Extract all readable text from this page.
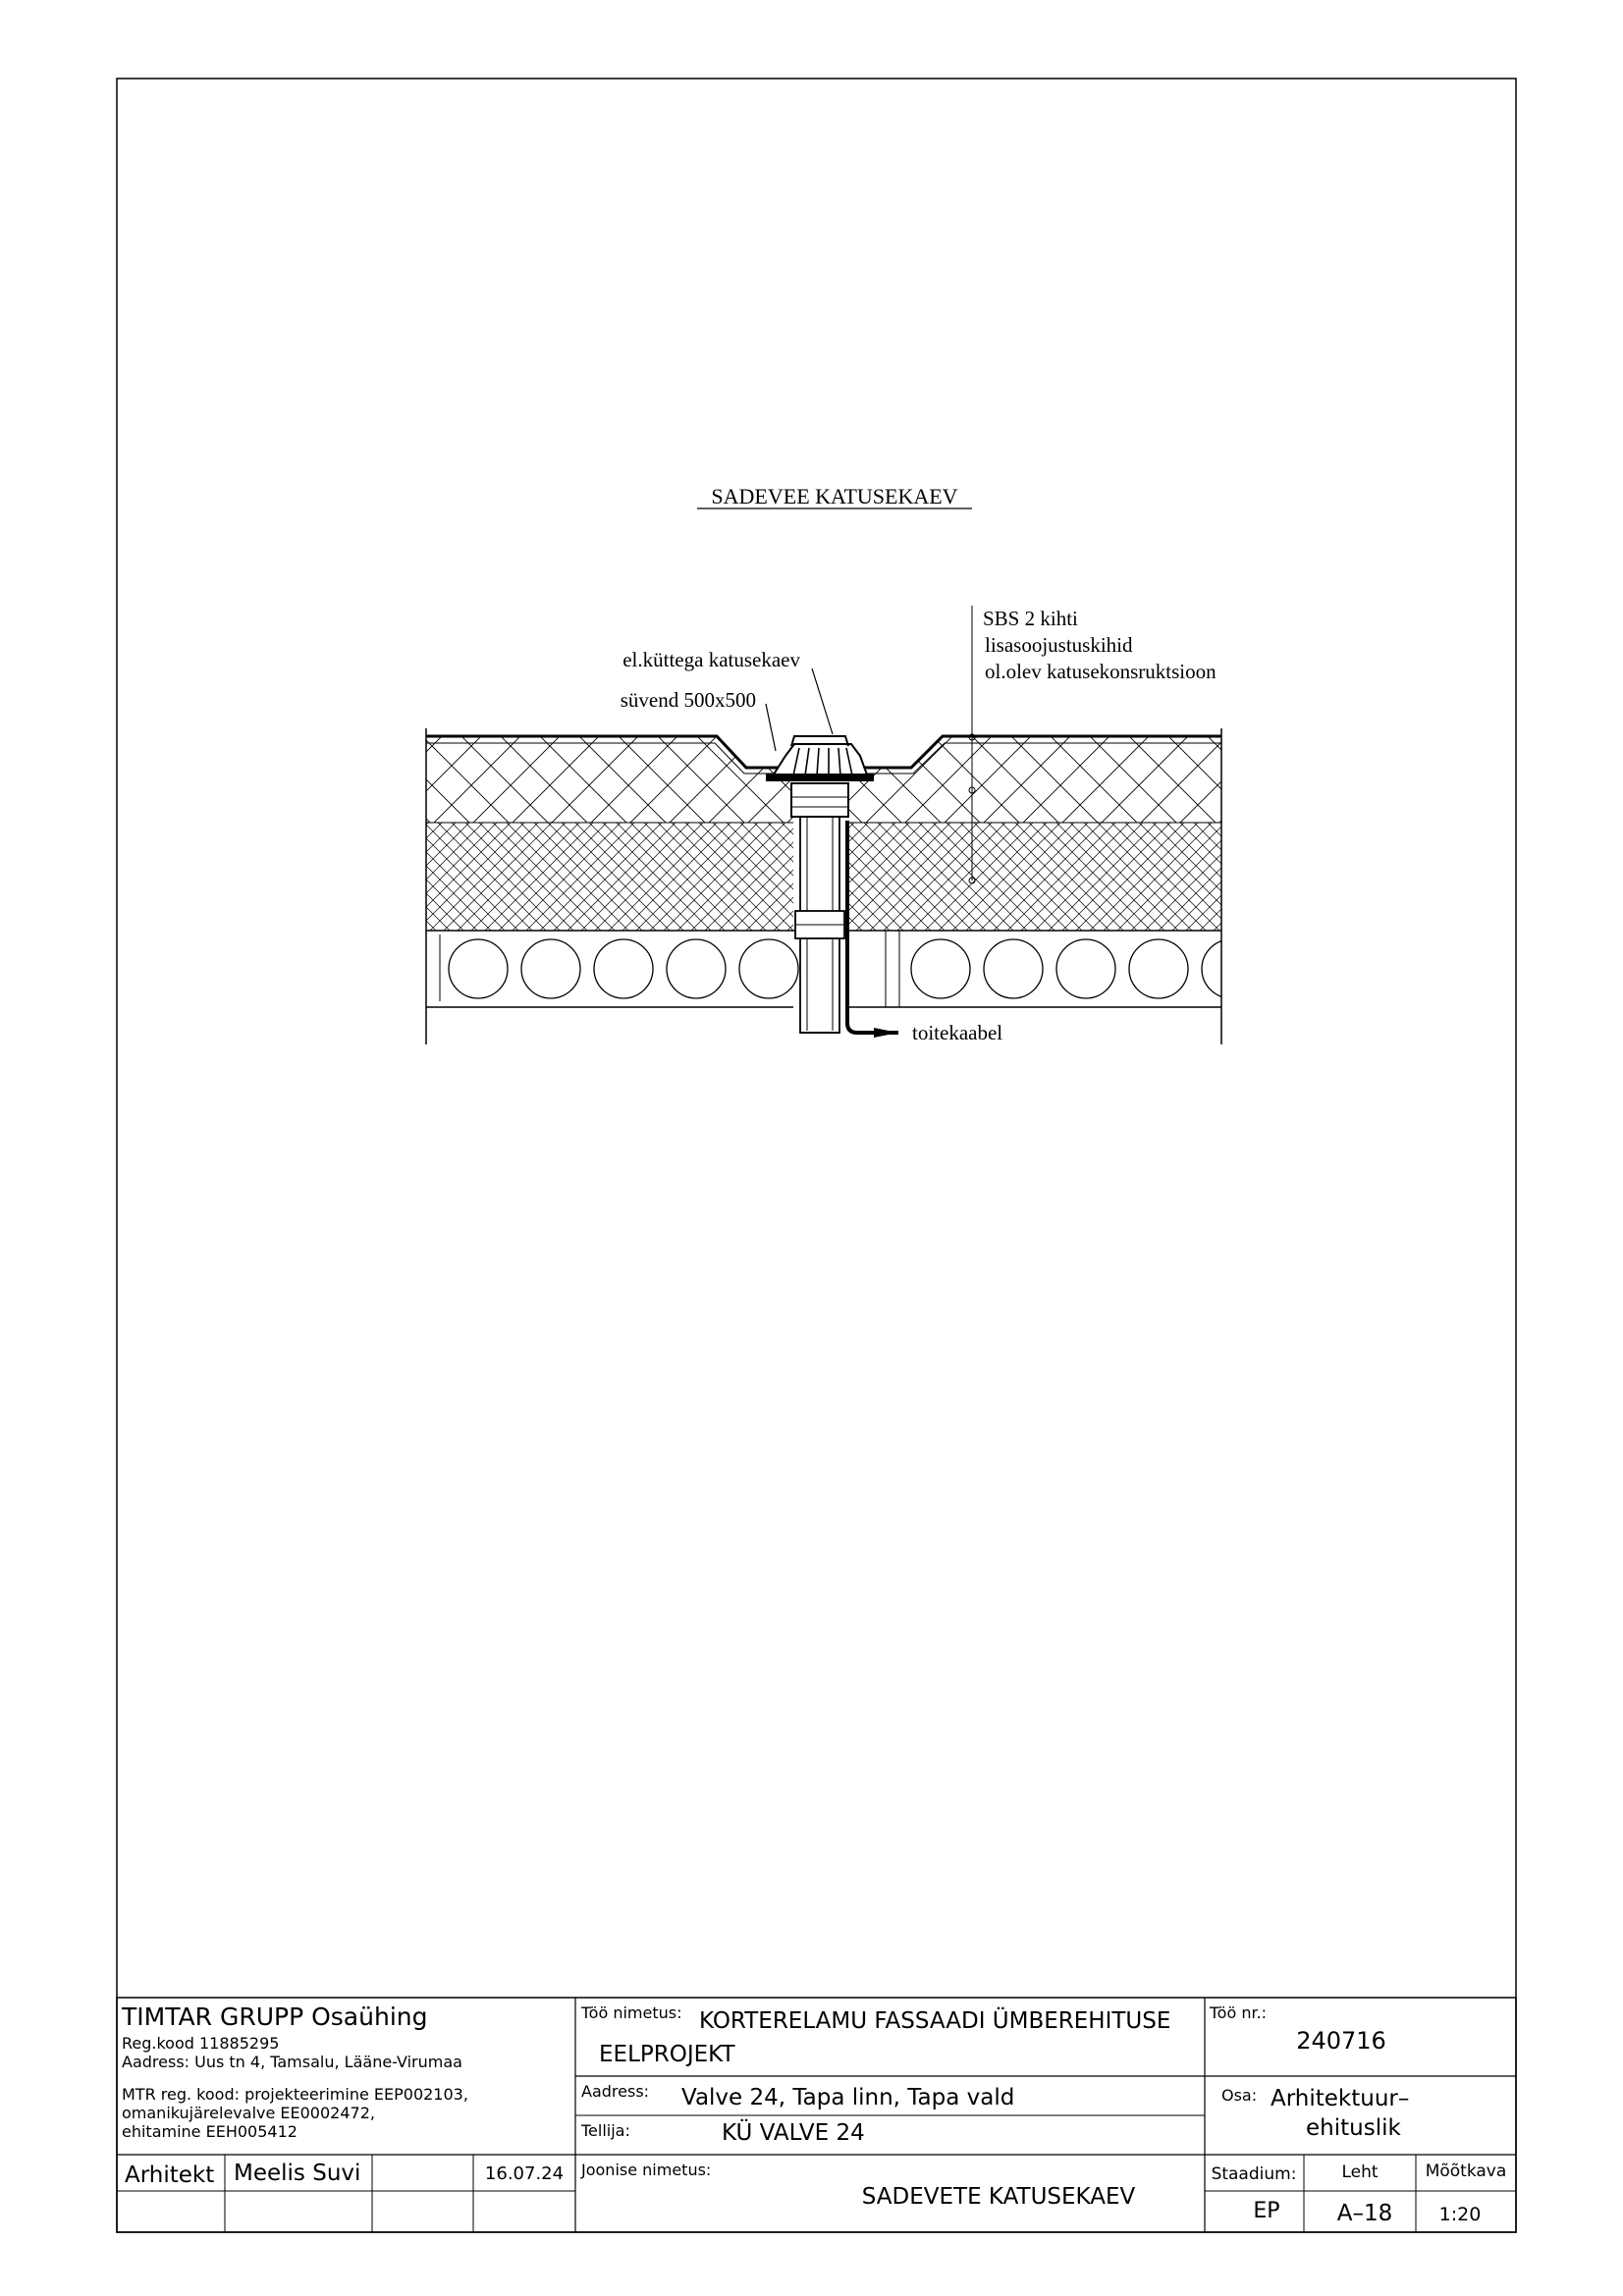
SADEVEE KATUSEKAEV
el.küttega katusekaev
süvend 500x500
SBS 2 kihti
lisasoojustuskihid
ol.olev katusekonsruktsioon
toitekaabel
TIMTAR GRUPP Osaühing
Reg.kood 11885295
Aadress: Uus tn 4, Tamsalu, Lääne-Virumaa
MTR reg. kood: projekteerimine EEP002103,
omanikujärelevalve EE0002472,
ehitamine EEH005412
Töö nimetus: KORTERELAMU FASSAADI ÜMBEREHITUSE
EELPROJEKT
Töö nr.:
240716
Aadress: Valve 24, Tapa linn, Tapa vald
Tellija:	KÜ VALVE 24
Osa: Arhitektuur–
ehituslik
Arhitekt Meelis Suvi	16.07.24 Joonise nimetus:
SADEVETE KATUSEKAEV
Staadium:
EP
Leht
A–18
Mõõtkava
1:20
